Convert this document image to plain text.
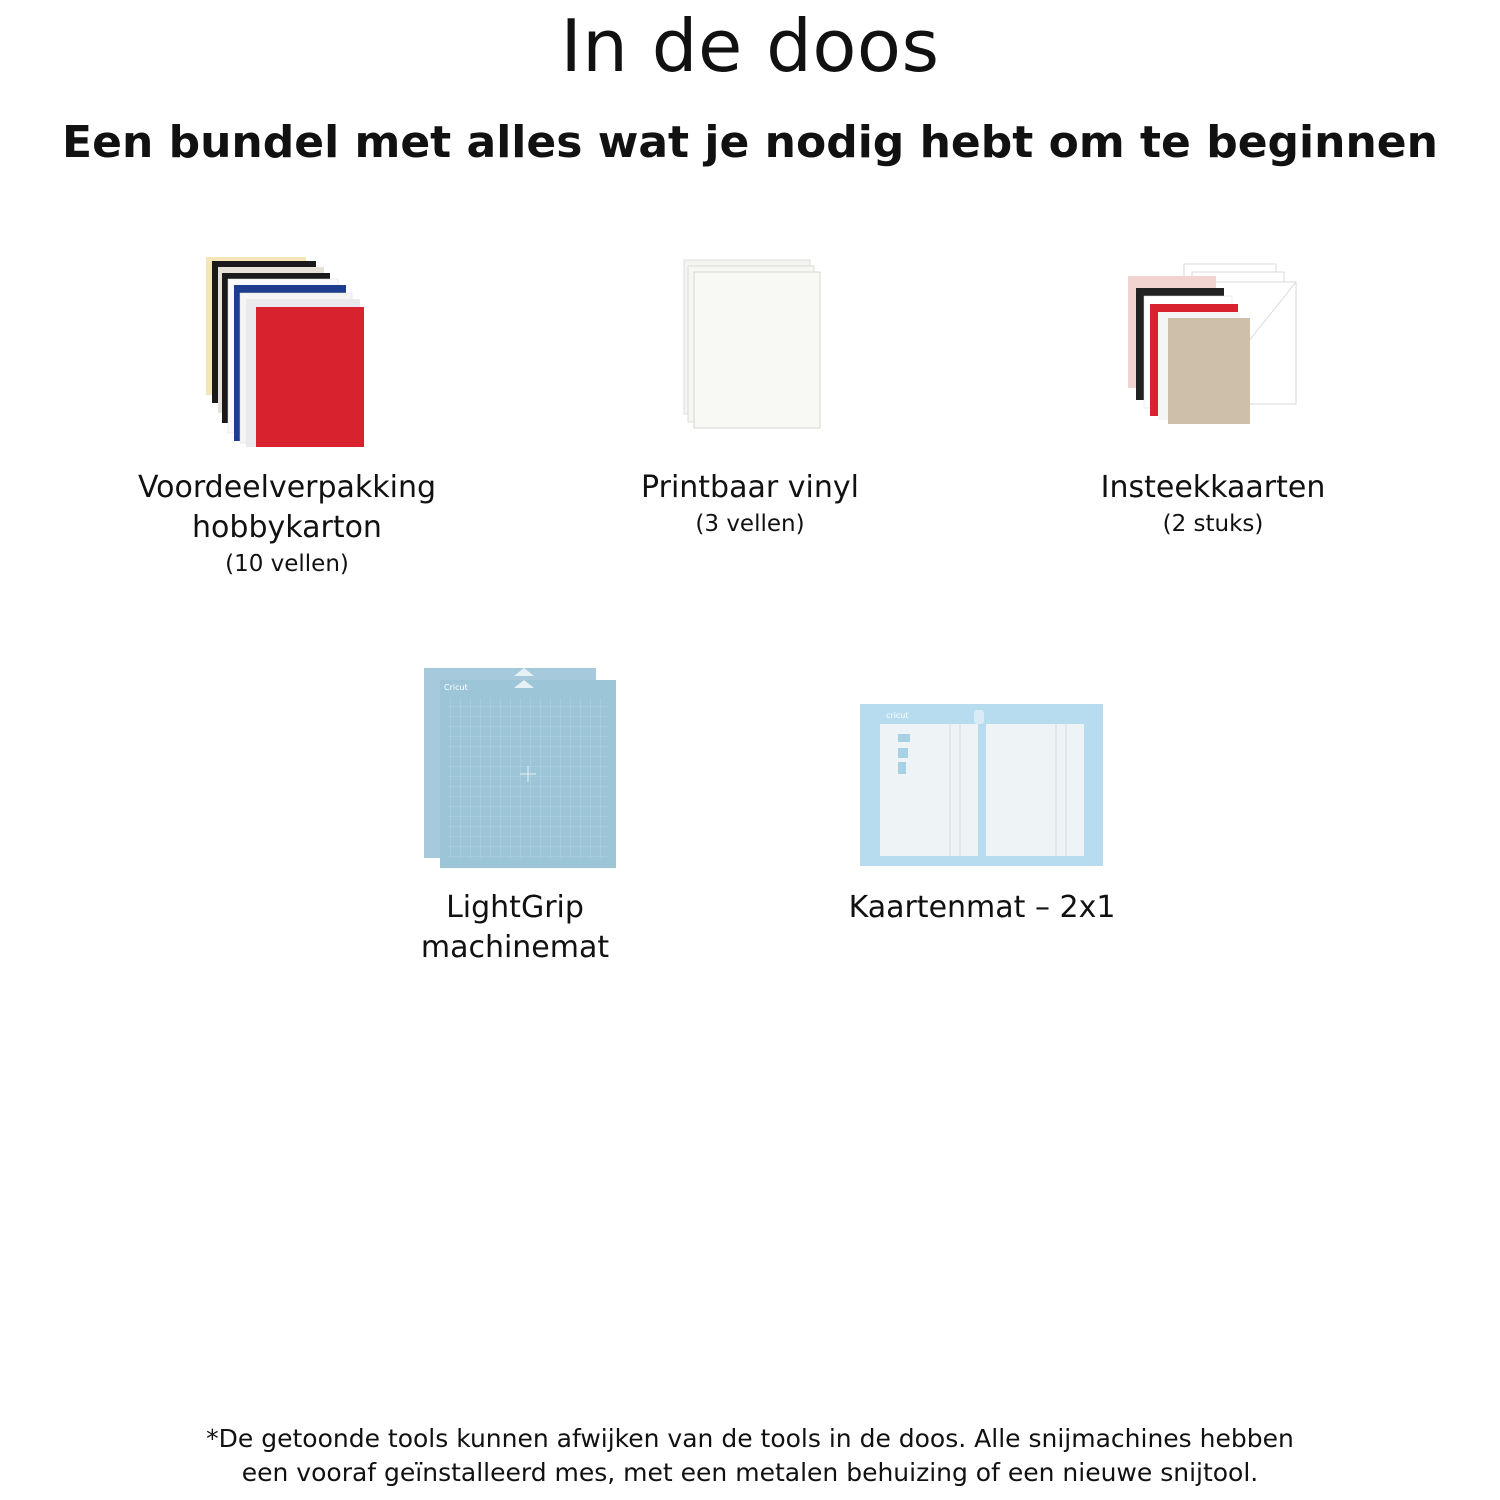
In de doos
Een bundel met alles wat je nodig hebt om te beginnen
Voordeelverpakking
hobbykarton
(10 vellen)
Printbaar vinyl
(3 vellen)
Insteekkaarten
(2 stuks)
Cricut
LightGrip
machinemat
cricut
Kaartenmat – 2x1
*De getoonde tools kunnen afwijken van de tools in de doos. Alle snijmachines hebben
een vooraf geïnstalleerd mes, met een metalen behuizing of een nieuwe snijtool.
